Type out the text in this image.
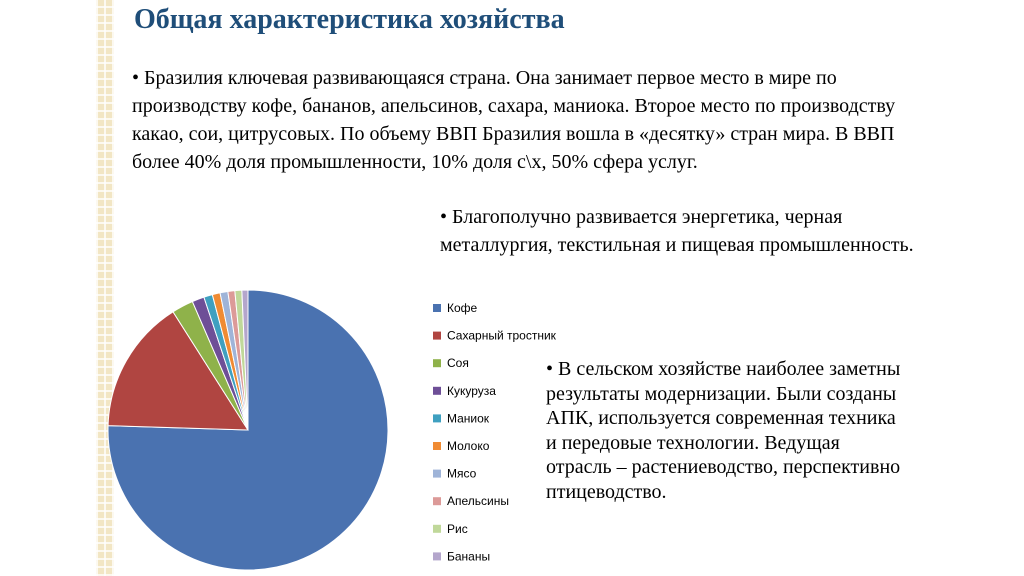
Общая характеристика хозяйства

• Бразилия ключевая развивающаяся страна. Она занимает первое место в мире по производству кофе, бананов, апельсинов, сахара, маниока. Второе место по производству какао, сои, цитрусовых. По объему ВВП Бразилия вошла в «десятку» стран мира. В ВВП более 40% доля промышленности, 10% доля с\х, 50% сфера услуг.

• Благополучно развивается энергетика, черная металлургия, текстильная и пищевая промышленность.

• В сельском хозяйстве наиболее заметны результаты модернизации. Были созданы АПК, используется современная техника и передовые технологии. Ведущая отрасль – растениеводство, перспективно птицеводство.

Кофе
Сахарный тростник
Соя
Кукуруза
Маниок
Молоко
Мясо
Апельсины
Рис
Бананы
